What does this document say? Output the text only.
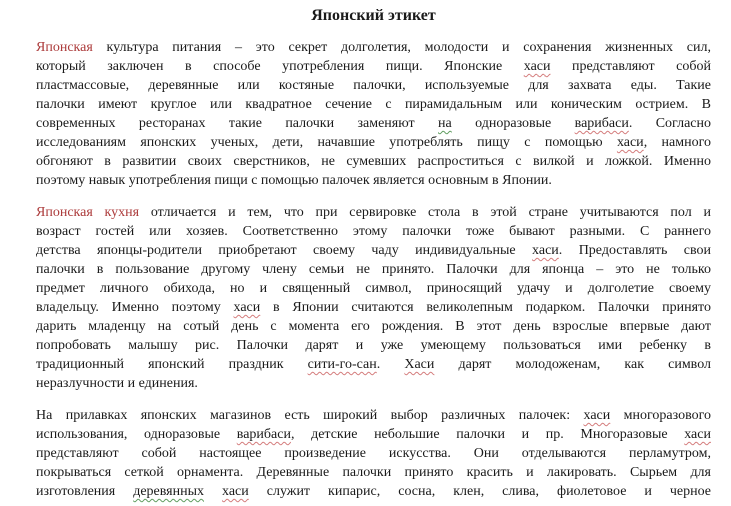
Японский этикет
Японская культура питания – это секрет долголетия, молодости и сохранения жизненных сил,
который заключен в способе употребления пищи. Японские хаси представляют собой
пластмассовые, деревянные или костяные палочки, используемые для захвата еды. Такие
палочки имеют круглое или квадратное сечение с пирамидальным или коническим острием. В
современных ресторанах такие палочки заменяют на одноразовые варибаси. Согласно
исследованиям японских ученых, дети, начавшие употреблять пищу с помощью хаси, намного
обгоняют в развитии своих сверстников, не сумевших распроститься с вилкой и ложкой. Именно
поэтому навык употребления пищи с помощью палочек является основным в Японии.
Японская кухня отличается и тем, что при сервировке стола в этой стране учитываются пол и
возраст гостей или хозяев. Соответственно этому палочки тоже бывают разными. С раннего
детства японцы-родители приобретают своему чаду индивидуальные хаси. Предоставлять свои
палочки в пользование другому члену семьи не принято. Палочки для японца – это не только
предмет личного обихода, но и священный символ, приносящий удачу и долголетие своему
владельцу. Именно поэтому хаси в Японии считаются великолепным подарком. Палочки принято
дарить младенцу на сотый день с момента его рождения. В этот день взрослые впервые дают
попробовать малышу рис. Палочки дарят и уже умеющему пользоваться ими ребенку в
традиционный японский праздник сити-го-сан. Хаси дарят молодоженам, как символ
неразлучности и единения.
На прилавках японских магазинов есть широкий выбор различных палочек: хаси многоразового
использования, одноразовые варибаси, детские небольшие палочки и пр. Многоразовые хаси
представляют собой настоящее произведение искусства. Они отделываются перламутром,
покрываться сеткой орнамента. Деревянные палочки принято красить и лакировать. Сырьем для
изготовления деревянных хаси служит кипарис, сосна, клен, слива, фиолетовое и черное
